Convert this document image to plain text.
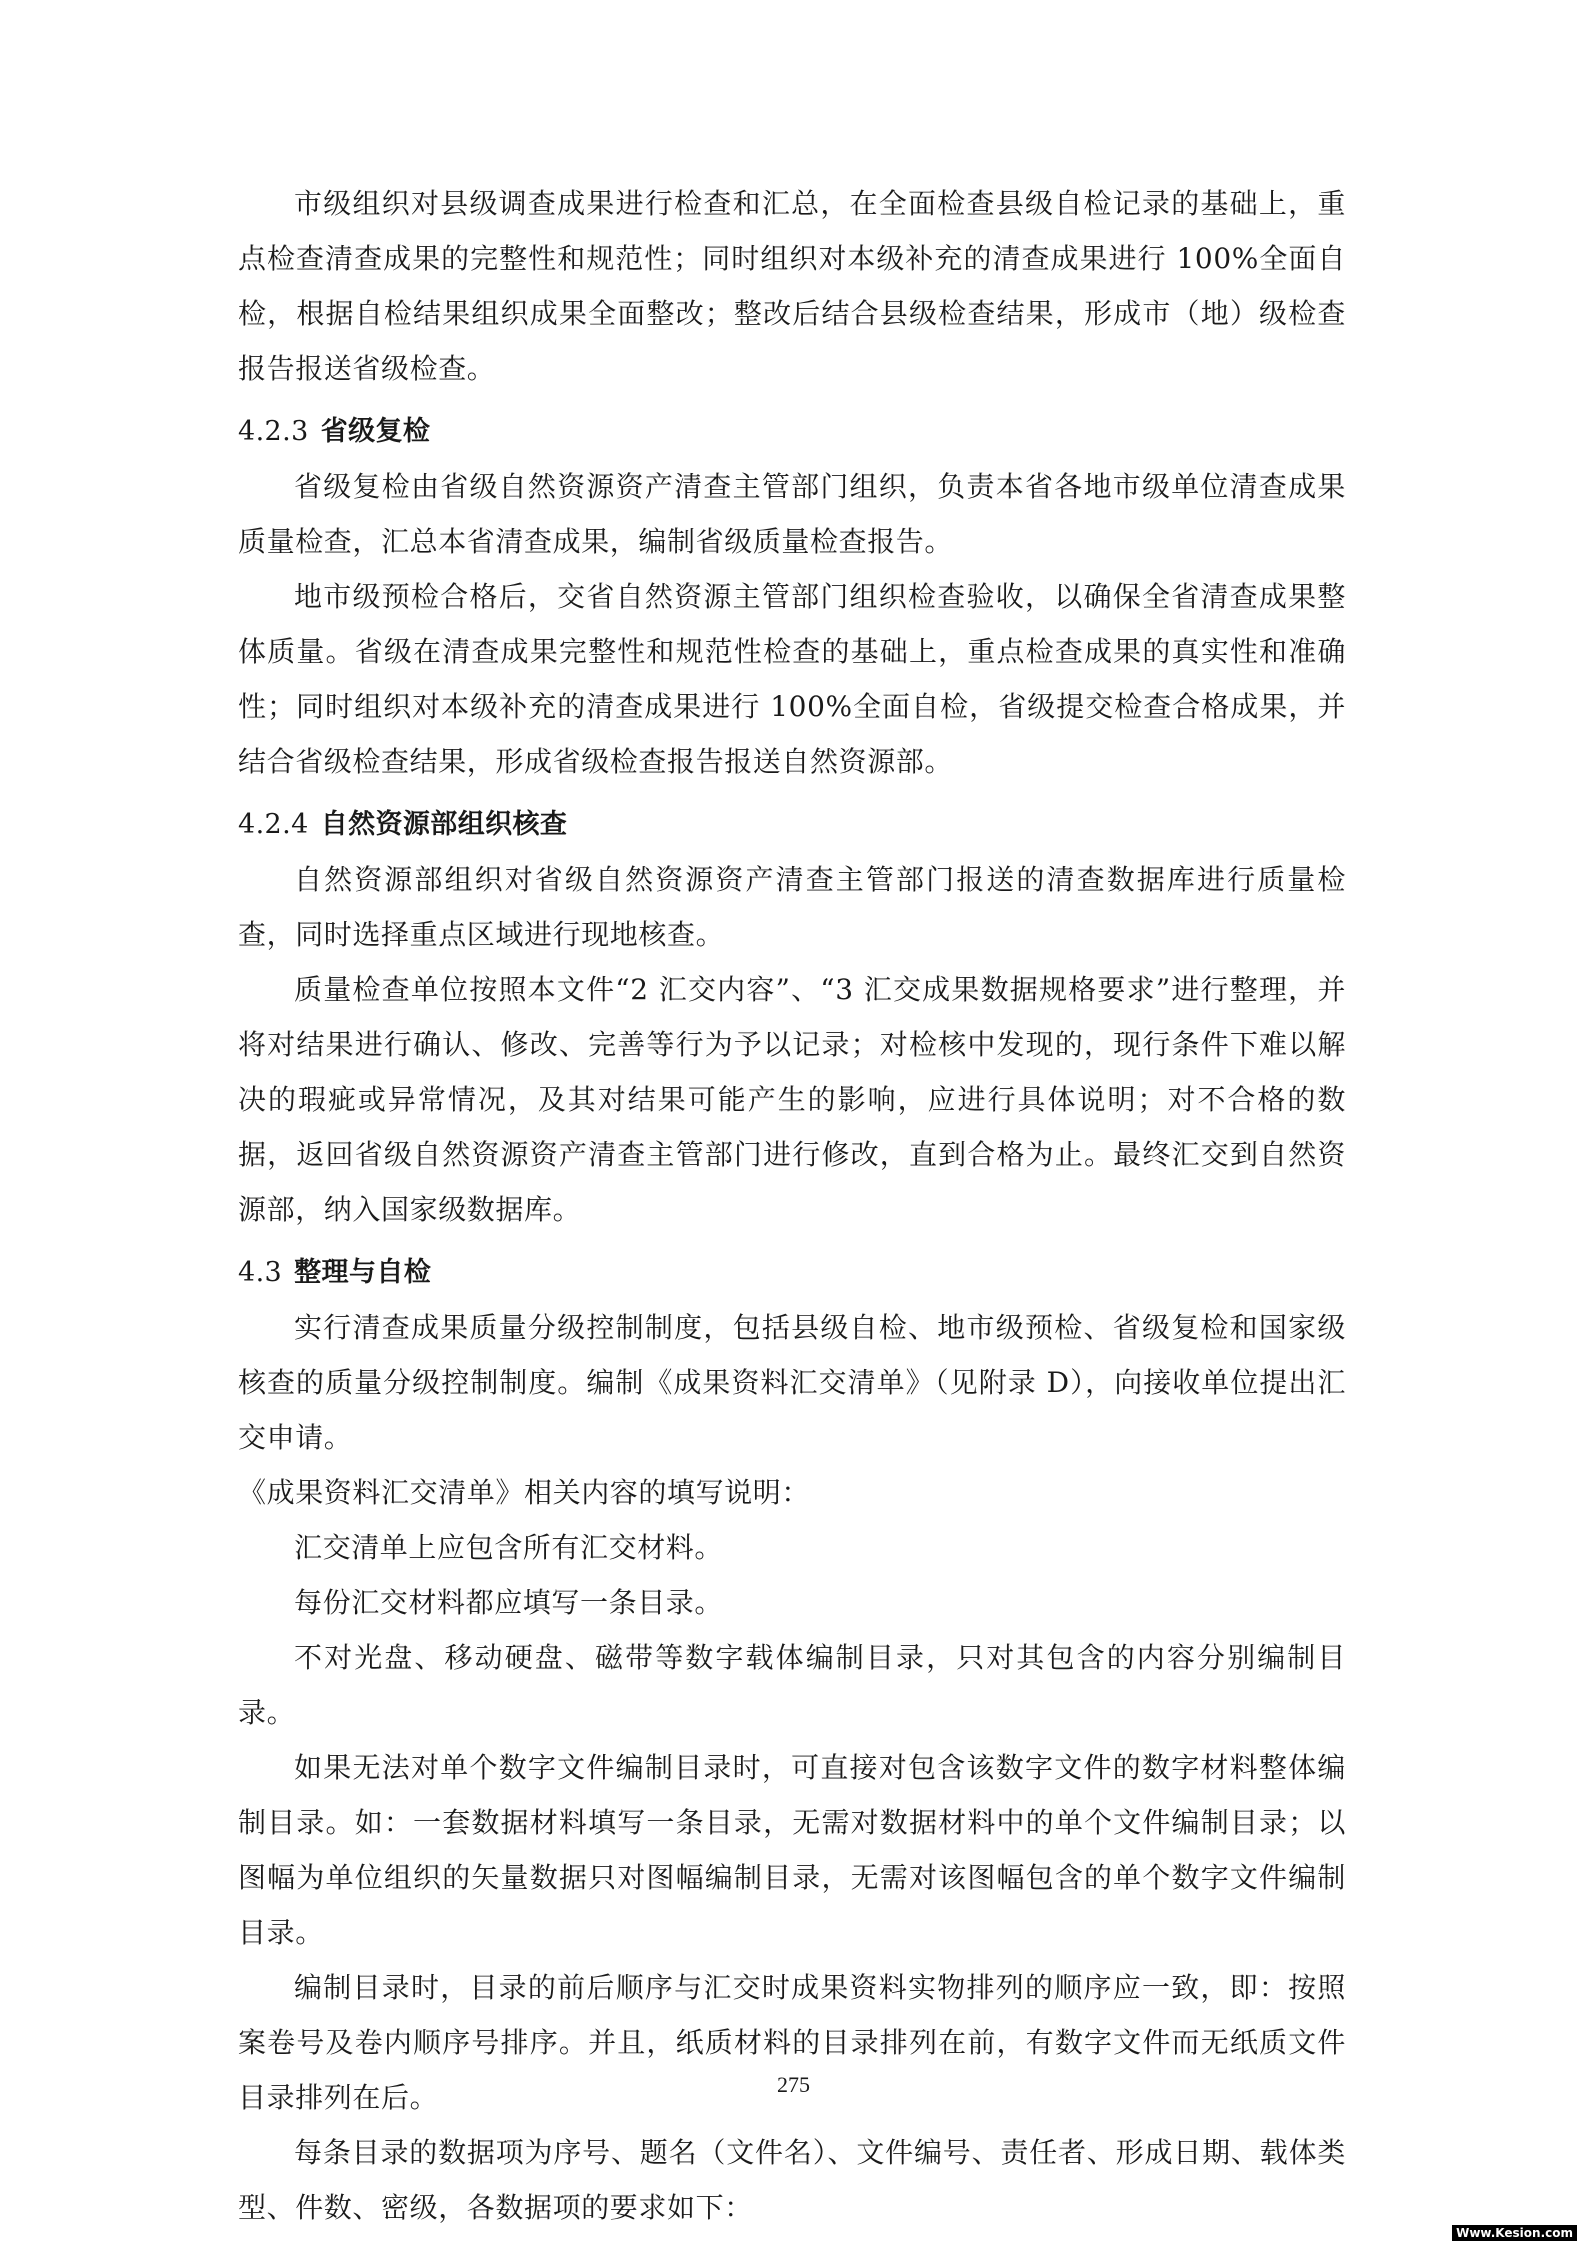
市级组织对县级调查成果进行检查和汇总，在全面检查县级自检记录的基础上，重点检查清查成果的完整性和规范性；同时组织对本级补充的清查成果进行 100%全面自检，根据自检结果组织成果全面整改；整改后结合县级检查结果，形成市（地）级检查报告报送省级检查。

4.2.3 省级复检

省级复检由省级自然资源资产清查主管部门组织，负责本省各地市级单位清查成果质量检查，汇总本省清查成果，编制省级质量检查报告。

地市级预检合格后，交省自然资源主管部门组织检查验收，以确保全省清查成果整体质量。省级在清查成果完整性和规范性检查的基础上，重点检查成果的真实性和准确性；同时组织对本级补充的清查成果进行 100%全面自检，省级提交检查合格成果，并结合省级检查结果，形成省级检查报告报送自然资源部。

4.2.4 自然资源部组织核查

自然资源部组织对省级自然资源资产清查主管部门报送的清查数据库进行质量检查，同时选择重点区域进行现地核查。

质量检查单位按照本文件“2 汇交内容”、“3 汇交成果数据规格要求”进行整理，并将对结果进行确认、修改、完善等行为予以记录；对检核中发现的，现行条件下难以解决的瑕疵或异常情况，及其对结果可能产生的影响，应进行具体说明；对不合格的数据，返回省级自然资源资产清查主管部门进行修改，直到合格为止。最终汇交到自然资源部，纳入国家级数据库。

4.3 整理与自检

实行清查成果质量分级控制制度，包括县级自检、地市级预检、省级复检和国家级核查的质量分级控制制度。编制《成果资料汇交清单》（见附录 D），向接收单位提出汇交申请。

《成果资料汇交清单》相关内容的填写说明：

汇交清单上应包含所有汇交材料。

每份汇交材料都应填写一条目录。

不对光盘、移动硬盘、磁带等数字载体编制目录，只对其包含的内容分别编制目录。

如果无法对单个数字文件编制目录时，可直接对包含该数字文件的数字材料整体编制目录。如：一套数据材料填写一条目录，无需对数据材料中的单个文件编制目录；以图幅为单位组织的矢量数据只对图幅编制目录，无需对该图幅包含的单个数字文件编制目录。

编制目录时，目录的前后顺序与汇交时成果资料实物排列的顺序应一致，即：按照案卷号及卷内顺序号排序。并且，纸质材料的目录排列在前，有数字文件而无纸质文件目录排列在后。

每条目录的数据项为序号、题名（文件名）、文件编号、责任者、形成日期、载体类型、件数、密级，各数据项的要求如下：

275
Www.Kesion.com
